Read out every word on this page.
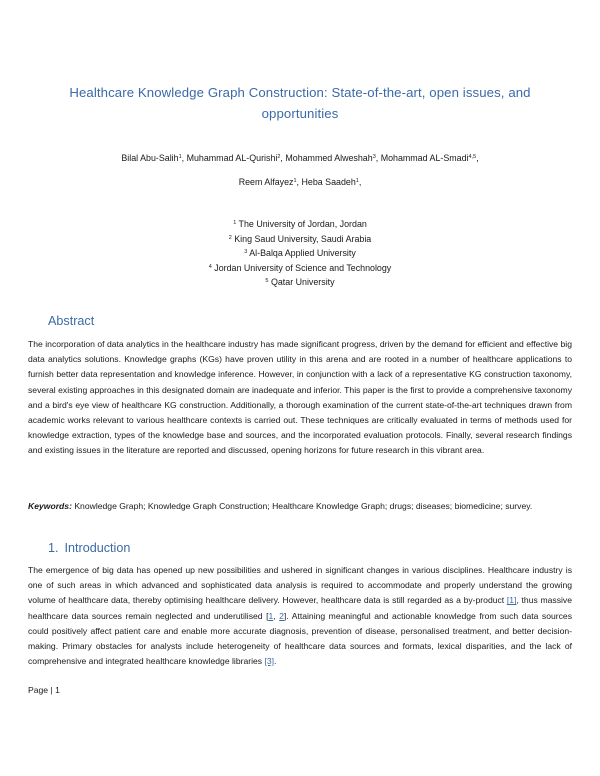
Healthcare Knowledge Graph Construction: State-of-the-art, open issues, and opportunities
Bilal Abu-Salih$^1$, Muhammad AL-Qurishi$^2$, Mohammed Alweshah$^3$, Mohammad AL-Smadi$^{4,5}$,
Reem Alfayez$^1$, Heba Saadeh$^1$,
$^1$ The University of Jordan, Jordan
$^2$ King Saud University, Saudi Arabia
$^3$ Al-Balqa Applied University
$^4$ Jordan University of Science and Technology
$^5$ Qatar University
Abstract
The incorporation of data analytics in the healthcare industry has made significant progress, driven by the demand for efficient and effective big data analytics solutions. Knowledge graphs (KGs) have proven utility in this arena and are rooted in a number of healthcare applications to furnish better data representation and knowledge inference. However, in conjunction with a lack of a representative KG construction taxonomy, several existing approaches in this designated domain are inadequate and inferior. This paper is the first to provide a comprehensive taxonomy and a bird's eye view of healthcare KG construction. Additionally, a thorough examination of the current state-of-the-art techniques drawn from academic works relevant to various healthcare contexts is carried out. These techniques are critically evaluated in terms of methods used for knowledge extraction, types of the knowledge base and sources, and the incorporated evaluation protocols. Finally, several research findings and existing issues in the literature are reported and discussed, opening horizons for future research in this vibrant area.
Keywords: Knowledge Graph; Knowledge Graph Construction; Healthcare Knowledge Graph; drugs; diseases; biomedicine; survey.
1. Introduction
The emergence of big data has opened up new possibilities and ushered in significant changes in various disciplines. Healthcare industry is one of such areas in which advanced and sophisticated data analysis is required to accommodate and properly understand the growing volume of healthcare data, thereby optimising healthcare delivery. However, healthcare data is still regarded as a by-product [1], thus massive healthcare data sources remain neglected and underutilised [1, 2]. Attaining meaningful and actionable knowledge from such data sources could positively affect patient care and enable more accurate diagnosis, prevention of disease, personalised treatment, and better decision-making. Primary obstacles for analysts include heterogeneity of healthcare data sources and formats, lexical disparities, and the lack of comprehensive and integrated healthcare knowledge libraries [3].
Page | 1
